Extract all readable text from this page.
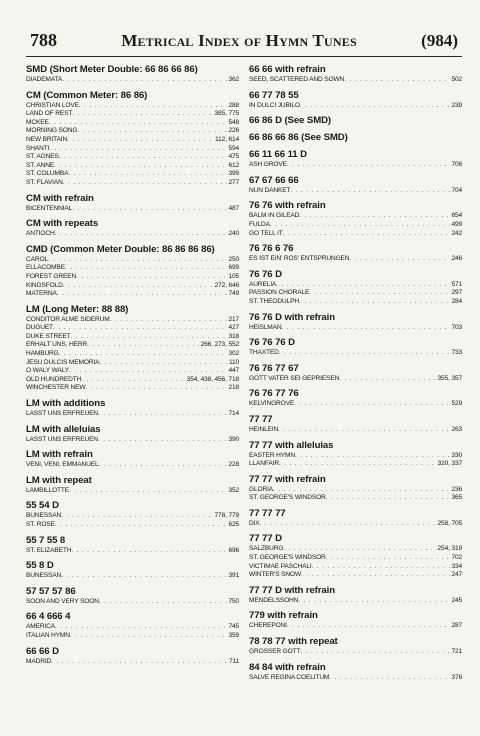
788	Metrical Index of Hymn Tunes	(984)
SMD (Short Meter Double: 66 86 66 86)
DIADEMATA . . .	362
CM (Common Meter: 86 86)
CHRISTIAN LOVE . . .	288
LAND OF REST . . .	385, 775
MCKEE . . .	548
MORNING SONG . . .	226
NEW BRITAIN . . .	112, 614
SHANTI . . .	594
ST. AGNES . . .	475
ST. ANNE . . .	612
ST. COLUMBA . . .	399
ST. FLAVIAN . . .	277
CM with refrain
BICENTENNIAL . . .	487
CM with repeats
ANTIOCH . . .	240
CMD (Common Meter Double: 86 86 86 86)
CAROL . . .	250
ELLACOMBE . . .	699
FOREST GREEN . . .	105
KINGSFOLD . . .	272, 646
MATERNA . . .	749
LM (Long Meter: 88 88)
CONDITOR ALME SIDERUM . . .	217
DUGUET . . .	427
DUKE STREET . . .	318
ERHALT UNS, HERR . . .	266, 273, 552
HAMBURG . . .	302
JESU DULCIS MEMORIA . . .	110
O WALY WALY . . .	447
OLD HUNDREDTH . . .	354, 438, 456, 718
WINCHESTER NEW . . .	218
LM with additions
LASST UNS ERFREUEN . . .	714
LM with alleluias
LASST UNS ERFREUEN . . .	390
LM with refrain
VENI, VENI, EMMANUEL . . .	228
LM with repeat
LAMBILLOTTE . . .	352
55 54 D
BUNESSAN . . .	778, 779
ST. ROSE . . .	625
55 7 55 8
ST. ELIZABETH . . .	696
55 8 D
BUNESSAN . . .	391
57 57 57 86
SOON AND VERY SOON . . .	750
66 4 666 4
AMERICA . . .	745
ITALIAN HYMN . . .	359
66 66 D
MADRID . . .	711
66 66 with refrain
SEED, SCATTERED AND SOWN . . .	502
66 77 78 55
IN DULCI JUBILO . . .	239
66 86 D (See SMD)
66 86 66 86 (See SMD)
66 11 66 11 D
ASH GROVE . . .	706
67 67 66 66
NUN DANKET . . .	704
76 76 with refrain
BALM IN GILEAD . . .	654
FULDA . . .	499
GO TELL IT . . .	242
76 76 6 76
ES IST EIN' ROS' ENTSPRUNGEN . . .	246
76 76 D
AURELIA . . .	571
PASSION CHORALE . . .	297
ST. THEODULPH . . .	284
76 76 D with refrain
HEISLMAN . . .	703
76 76 76 D
THAXTED . . .	733
76 76 77 67
GOTT VATER SEI GEPRIESEN . . .	355, 357
76 76 77 76
KELVINGROVE . . .	529
77 77
HEINLEIN . . .	263
77 77 with alleluias
EASTER HYMN . . .	330
LLANFAIR . . .	320, 337
77 77 with refrain
GLORIA . . .	236
ST. GEORGE'S WINDSOR . . .	365
77 77 77
DIX . . .	258, 705
77 77 D
SALZBURG . . .	254, 319
ST. GEORGE'S WINDSOR . . .	702
VICTIMAE PASCHALI . . .	334
WINTER'S SNOW . . .	247
77 77 D with refrain
MENDELSSOHN . . .	245
779 with refrain
CHEREPONI . . .	287
78 78 77 with repeat
GROSSER GOTT . . .	721
84 84 with refrain
SALVE REGINA COELITUM . . .	376
